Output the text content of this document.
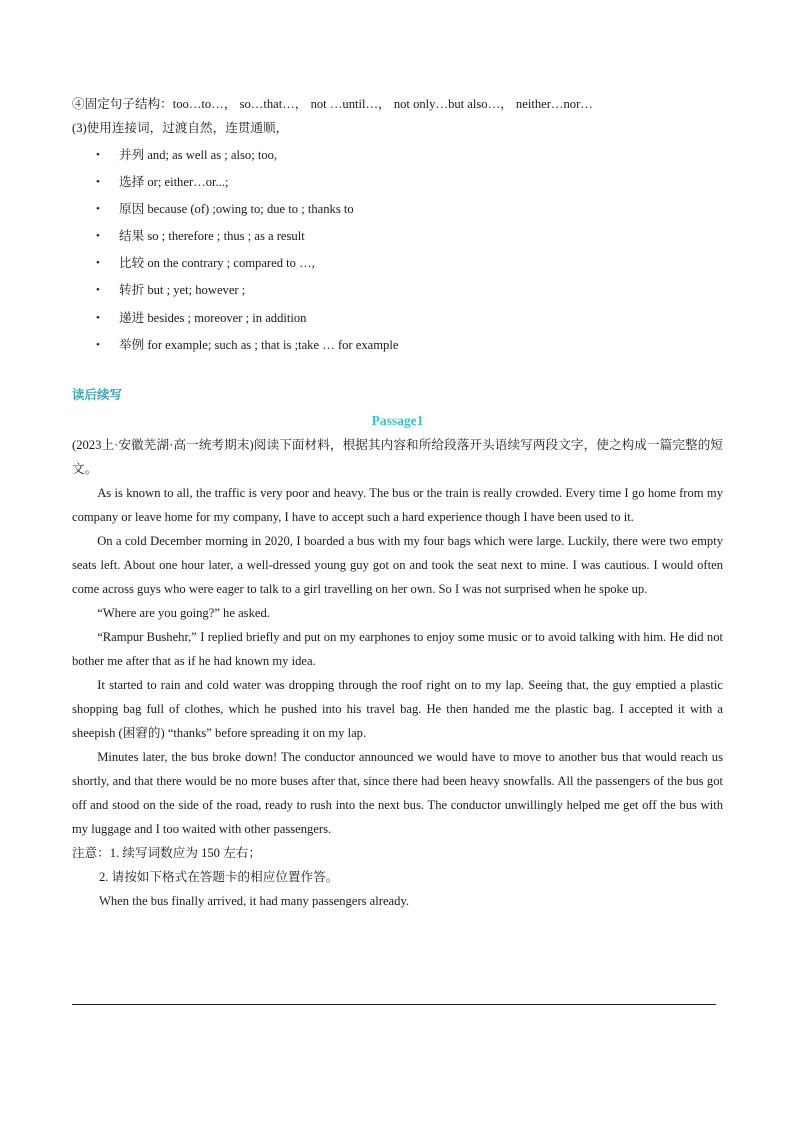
④固定句子结构：too…to…， so…that…， not …until…， not only…but also…， neither…nor…

(3)使用连接词，过渡自然，连贯通顺，

• 并列 and; as well as ; also; too,
• 选择 or; either…or...;
• 原因 because (of) ;owing to; due to ; thanks to
• 结果 so ; therefore ; thus ; as a result
• 比较 on the contrary ; compared to …,
• 转折 but ; yet; however ;
• 递进 besides ; moreover ; in addition
• 举例 for example; such as ; that is ;take … for example
读后续写
Passage1

(2023上·安徽芜湖·高一统考期末)阅读下面材料，根据其内容和所给段落开头语续写两段文字，使之构成一篇完整的短文。

As is known to all, the traffic is very poor and heavy. The bus or the train is really crowded. Every time I go home from my company or leave home for my company, I have to accept such a hard experience though I have been used to it.

On a cold December morning in 2020, I boarded a bus with my four bags which were large. Luckily, there were two empty seats left. About one hour later, a well-dressed young guy got on and took the seat next to mine. I was cautious. I would often come across guys who were eager to talk to a girl travelling on her own. So I was not surprised when he spoke up.

“Where are you going?” he asked.

“Rampur Bushehr,” I replied briefly and put on my earphones to enjoy some music or to avoid talking with him. He did not bother me after that as if he had known my idea.

It started to rain and cold water was dropping through the roof right on to my lap. Seeing that, the guy emptied a plastic shopping bag full of clothes, which he pushed into his travel bag. He then handed me the plastic bag. I accepted it with a sheepish (困窘的) “thanks” before spreading it on my lap.

Minutes later, the bus broke down! The conductor announced we would have to move to another bus that would reach us shortly, and that there would be no more buses after that, since there had been heavy snowfalls. All the passengers of the bus got off and stood on the side of the road, ready to rush into the next bus. The conductor unwillingly helped me get off the bus with my luggage and I too waited with other passengers.

注意：1. 续写词数应为 150 左右；

2. 请按如下格式在答题卡的相应位置作答。

When the bus finally arrived, it had many passengers already.
